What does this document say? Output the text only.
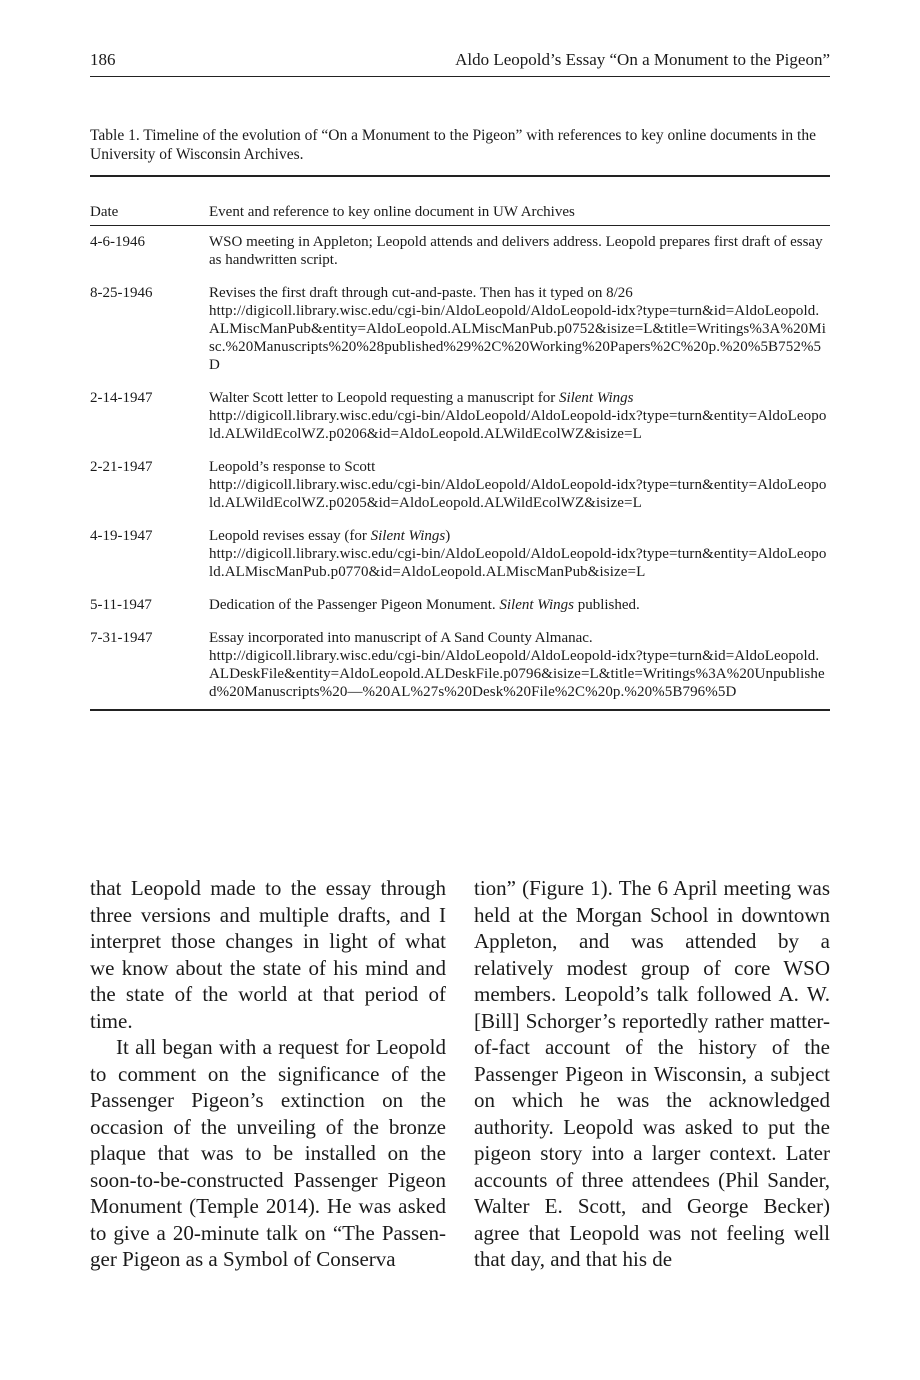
186	Aldo Leopold’s Essay “On a Monument to the Pigeon”
Table 1. Timeline of the evolution of “On a Monument to the Pigeon” with references to key online documents in the University of Wisconsin Archives.
Date	Event and reference to key online document in UW Archives
4-6-1946	WSO meeting in Appleton; Leopold attends and delivers address. Leopold prepares first draft of essay as handwritten script.
8-25-1946	Revises the first draft through cut-and-paste. Then has it typed on 8/26
http://digicoll.library.wisc.edu/cgi-bin/AldoLeopold/AldoLeopold-idx?type=turn&id=AldoLeopold.ALMiscManPub&entity=AldoLeopold.ALMiscManPub.p0752&isize=L&title=Writings%3A%20Misc.%20Manuscripts%20%28published%29%2C%20Working%20Papers%2C%20p.%20%5B752%5D
2-14-1947	Walter Scott letter to Leopold requesting a manuscript for Silent Wings
http://digicoll.library.wisc.edu/cgi-bin/AldoLeopold/AldoLeopold-idx?type=turn&entity=AldoLeopold.ALWildEcolWZ.p0206&id=AldoLeopold.ALWildEcolWZ&isize=L
2-21-1947	Leopold’s response to Scott
http://digicoll.library.wisc.edu/cgi-bin/AldoLeopold/AldoLeopold-idx?type=turn&entity=AldoLeopold.ALWildEcolWZ.p0205&id=AldoLeopold.ALWildEcolWZ&isize=L
4-19-1947	Leopold revises essay (for Silent Wings)
http://digicoll.library.wisc.edu/cgi-bin/AldoLeopold/AldoLeopold-idx?type=turn&entity=AldoLeopold.ALMiscManPub.p0770&id=AldoLeopold.ALMiscManPub&isize=L
5-11-1947	Dedication of the Passenger Pigeon Monument. Silent Wings published.
7-31-1947	Essay incorporated into manuscript of A Sand County Almanac.
http://digicoll.library.wisc.edu/cgi-bin/AldoLeopold/AldoLeopold-idx?type=turn&id=AldoLeopold.ALDeskFile&entity=AldoLeopold.ALDeskFile.p0796&isize=L&title=Writings%3A%20Unpublished%20Manuscripts%20—%20AL%27s%20Desk%20File%2C%20p.%20%5B796%5D

that Leopold made to the essay through three versions and multiple drafts, and I interpret those changes in light of what we know about the state of his mind and the state of the world at that period of time.

It all began with a request for Leopold to comment on the significance of the Passenger Pigeon’s extinction on the occasion of the unveiling of the bronze plaque that was to be installed on the soon-to-be-constructed Passenger Pigeon Monument (Temple 2014). He was asked to give a 20-minute talk on “The Passenger Pigeon as a Symbol of Conserva

tion” (Figure 1). The 6 April meeting was held at the Morgan School in downtown Appleton, and was attended by a relatively modest group of core WSO members. Leopold’s talk followed A. W. [Bill] Schorger’s reportedly rather matter-of-fact account of the history of the Passenger Pigeon in Wisconsin, a subject on which he was the acknowledged authority. Leopold was asked to put the pigeon story into a larger context. Later accounts of three attendees (Phil Sander, Walter E. Scott, and George Becker) agree that Leopold was not feeling well that day, and that his de
